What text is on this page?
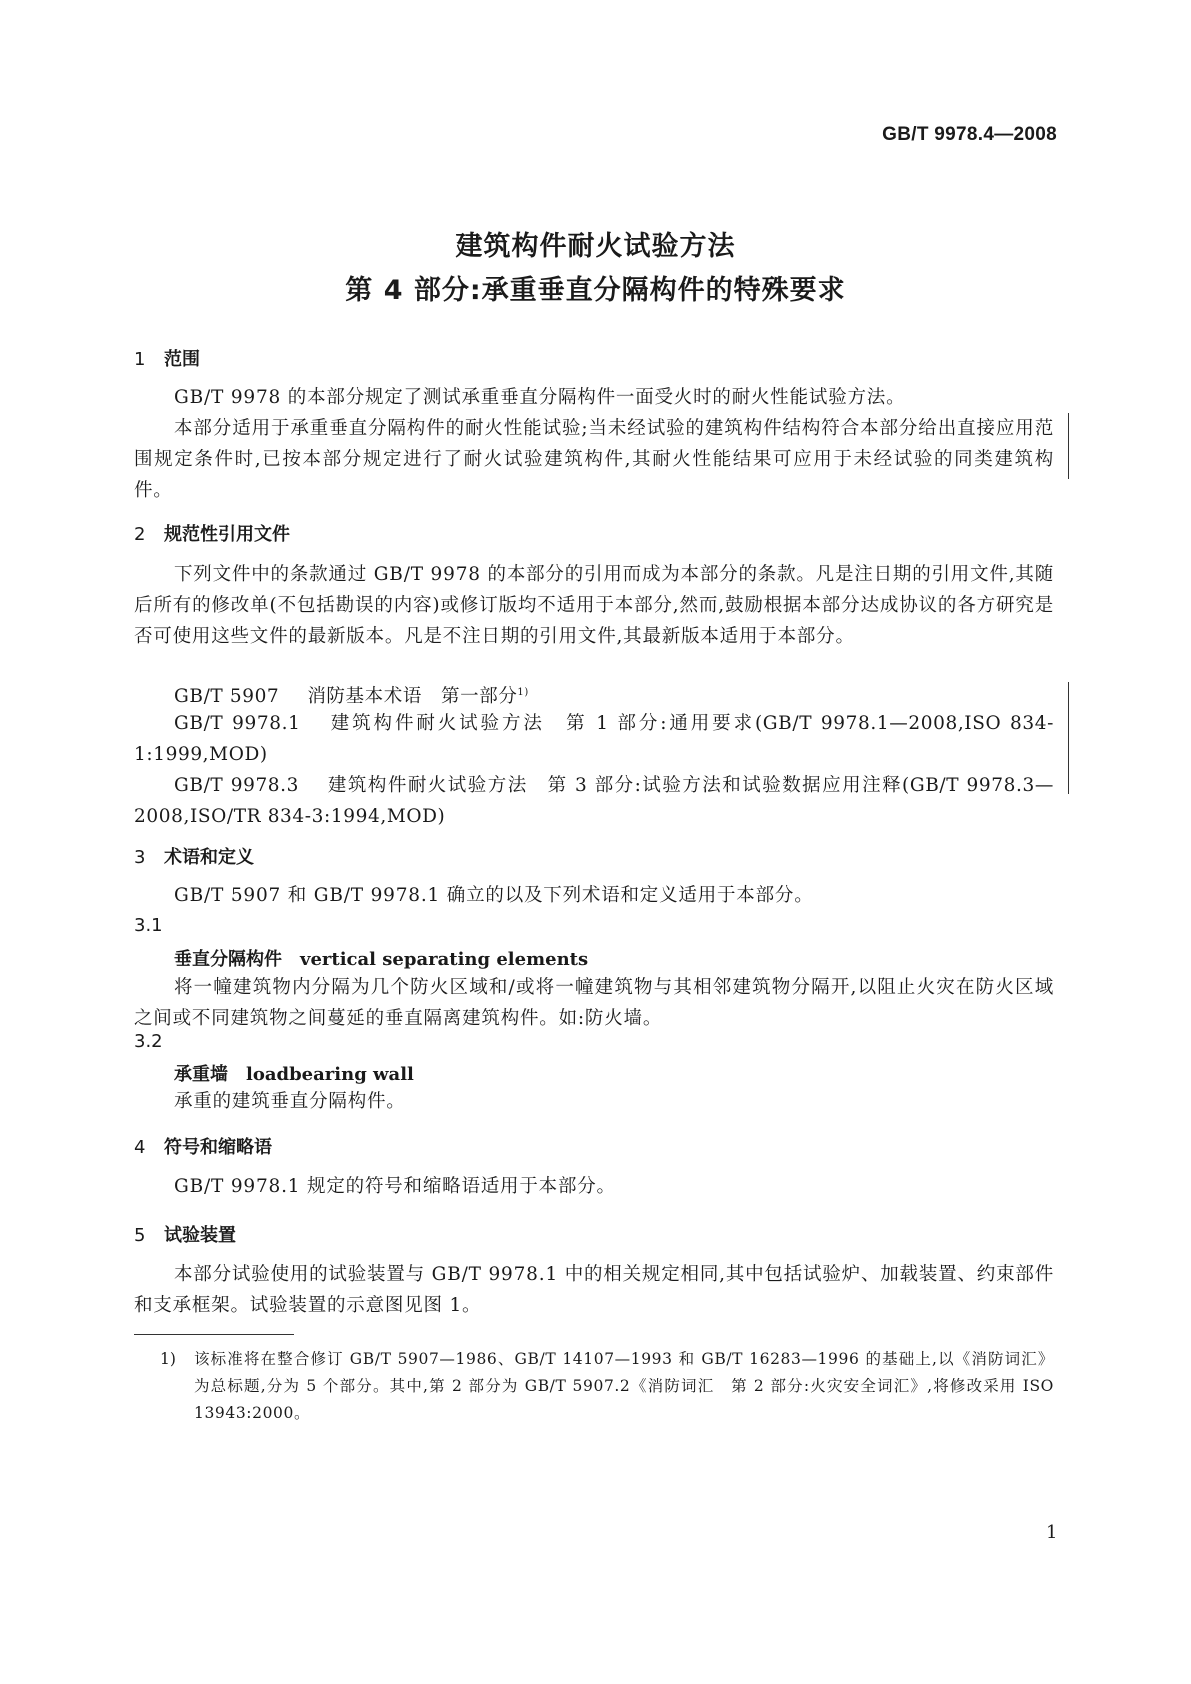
GB/T 9978.4—2008
建筑构件耐火试验方法
第 4 部分:承重垂直分隔构件的特殊要求
1 范围
GB/T 9978 的本部分规定了测试承重垂直分隔构件一面受火时的耐火性能试验方法。
本部分适用于承重垂直分隔构件的耐火性能试验;当未经试验的建筑构件结构符合本部分给出直接应用范围规定条件时,已按本部分规定进行了耐火试验建筑构件,其耐火性能结果可应用于未经试验的同类建筑构件。
2 规范性引用文件
下列文件中的条款通过 GB/T 9978 的本部分的引用而成为本部分的条款。凡是注日期的引用文件,其随后所有的修改单(不包括勘误的内容)或修订版均不适用于本部分,然而,鼓励根据本部分达成协议的各方研究是否可使用这些文件的最新版本。凡是不注日期的引用文件,其最新版本适用于本部分。
GB/T 5907 消防基本术语　第一部分$^{1)}$
GB/T 9978.1 建筑构件耐火试验方法　第 1 部分:通用要求(GB/T 9978.1—2008,ISO 834-1:1999,MOD)
GB/T 9978.3 建筑构件耐火试验方法　第 3 部分:试验方法和试验数据应用注释(GB/T 9978.3—2008,ISO/TR 834-3:1994,MOD)
3 术语和定义
GB/T 5907 和 GB/T 9978.1 确立的以及下列术语和定义适用于本部分。
3.1
垂直分隔构件 vertical separating elements
将一幢建筑物内分隔为几个防火区域和/或将一幢建筑物与其相邻建筑物分隔开,以阻止火灾在防火区域之间或不同建筑物之间蔓延的垂直隔离建筑构件。如:防火墙。
3.2
承重墙 loadbearing wall
承重的建筑垂直分隔构件。
4 符号和缩略语
GB/T 9978.1 规定的符号和缩略语适用于本部分。
5 试验装置
本部分试验使用的试验装置与 GB/T 9978.1 中的相关规定相同,其中包括试验炉、加载装置、约束部件和支承框架。试验装置的示意图见图 1。
1) 该标准将在整合修订 GB/T 5907—1986、GB/T 14107—1993 和 GB/T 16283—1996 的基础上,以《消防词汇》为总标题,分为 5 个部分。其中,第 2 部分为 GB/T 5907.2《消防词汇　第 2 部分:火灾安全词汇》,将修改采用 ISO 13943:2000。
1
